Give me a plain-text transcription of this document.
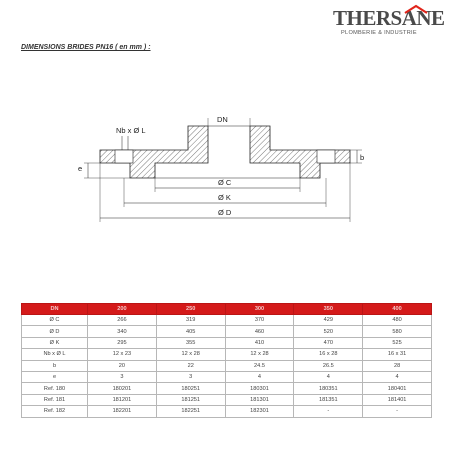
THERSANE
PLOMBERIE & INDUSTRIE
DIMENSIONS BRIDES PN16 ( en mm ) :
Nb x Ø L
DN
e
b
Ø C
Ø K
Ø D
DN	200	250	300	350	400
Ø C	266	319	370	429	480
Ø D	340	405	460	520	580
Ø K	295	355	410	470	525
Nb x Ø L	12 x 23	12 x 28	12 x 28	16 x 28	16 x 31
b	20	22	24.5	26.5	28
e	3	3	4	4	4
Ref. 180	180201	180251	180301	180351	180401
Ref. 181	181201	181251	181301	181351	181401
Ref. 182	182201	182251	182301	-	-
